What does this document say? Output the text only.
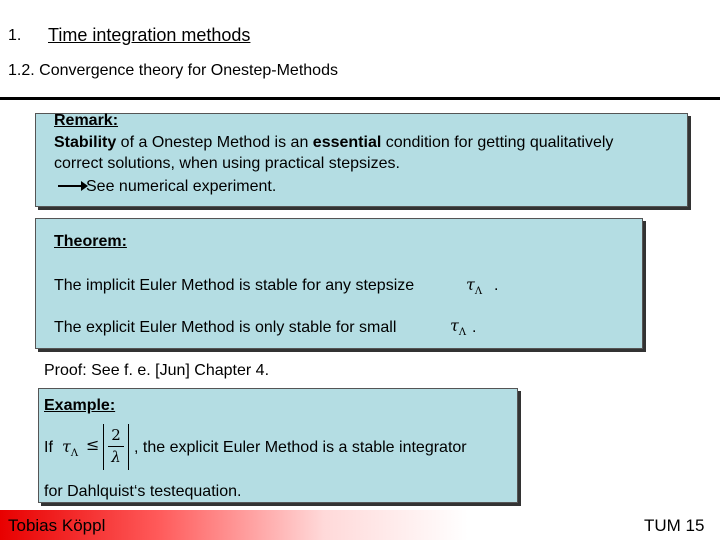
1. Time integration methods
1.2. Convergence theory for Onestep-Methods
Remark:
Stability of a Onestep Method is an essential condition for getting qualitatively
correct solutions, when using practical stepsizes.
See numerical experiment.
Theorem:
The implicit Euler Method is stable for any stepsize	$\tau_\Lambda$ .
The explicit Euler Method is only stable for small	$\tau_\Lambda$ .
Proof: See f. e. [Jun] Chapter 4.
Example:
If $\tau_\Lambda \le 2$
λ
, the explicit Euler Method is a stable integrator
for Dahlquist‘s testequation.
Tobias Köppl	TUM 15
